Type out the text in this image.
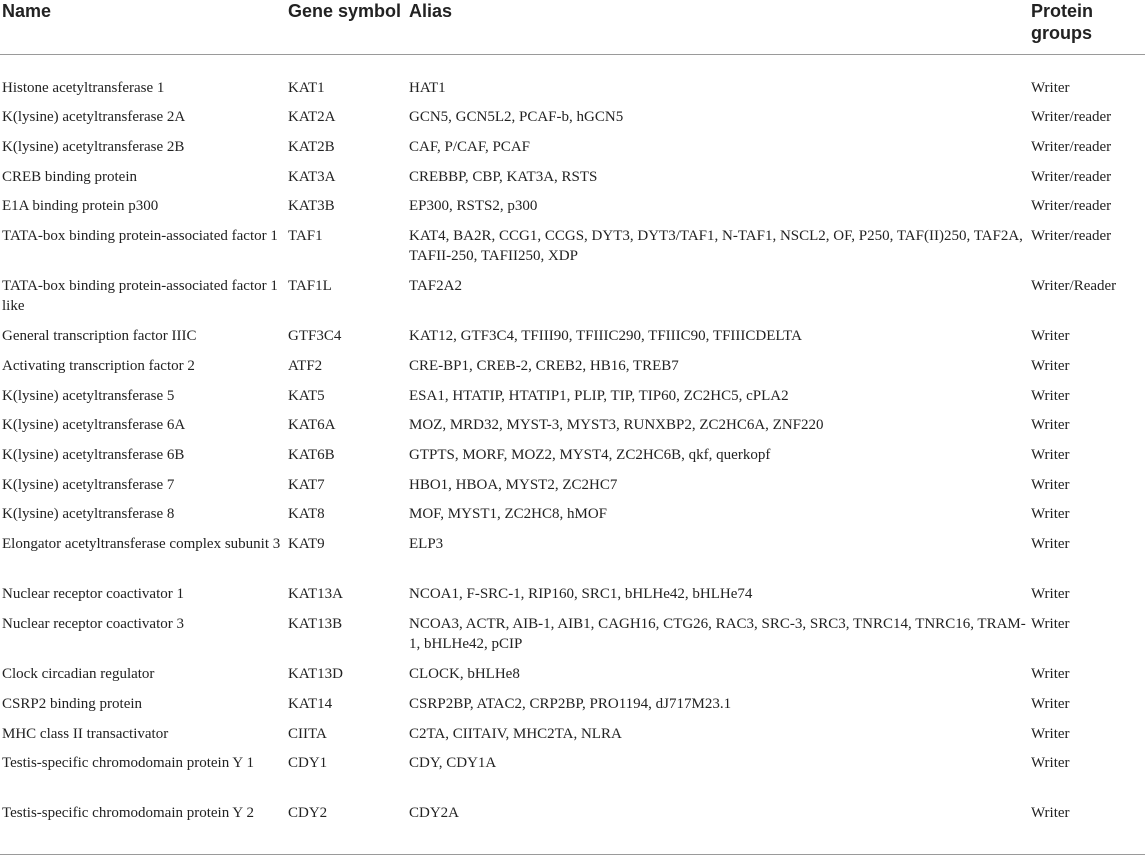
Name	Gene symbol	Alias	Protein groups

Histone acetyltransferase 1	KAT1	HAT1	Writer
K(lysine) acetyltransferase 2A	KAT2A	GCN5, GCN5L2, PCAF-b, hGCN5	Writer/reader
K(lysine) acetyltransferase 2B	KAT2B	CAF, P/CAF, PCAF	Writer/reader
CREB binding protein	KAT3A	CREBBP, CBP, KAT3A, RSTS	Writer/reader
E1A binding protein p300	KAT3B	EP300, RSTS2, p300	Writer/reader
TATA-box binding protein-associated factor 1	TAF1	KAT4, BA2R, CCG1, CCGS, DYT3, DYT3/TAF1, N-TAF1, NSCL2, OF, P250, TAF(II)250, TAF2A, TAFII-250, TAFII250, XDP	Writer/reader
TATA-box binding protein-associated factor 1 like	TAF1L	TAF2A2	Writer/Reader
General transcription factor IIIC	GTF3C4	KAT12, GTF3C4, TFIII90, TFIIIC290, TFIIIC90, TFIIICDELTA	Writer
Activating transcription factor 2	ATF2	CRE-BP1, CREB-2, CREB2, HB16, TREB7	Writer
K(lysine) acetyltransferase 5	KAT5	ESA1, HTATIP, HTATIP1, PLIP, TIP, TIP60, ZC2HC5, cPLA2	Writer
K(lysine) acetyltransferase 6A	KAT6A	MOZ, MRD32, MYST-3, MYST3, RUNXBP2, ZC2HC6A, ZNF220	Writer
K(lysine) acetyltransferase 6B	KAT6B	GTPTS, MORF, MOZ2, MYST4, ZC2HC6B, qkf, querkopf	Writer
K(lysine) acetyltransferase 7	KAT7	HBO1, HBOA, MYST2, ZC2HC7	Writer
K(lysine) acetyltransferase 8	KAT8	MOF, MYST1, ZC2HC8, hMOF	Writer
Elongator acetyltransferase complex subunit 3	KAT9	ELP3	Writer
Nuclear receptor coactivator 1	KAT13A	NCOA1, F-SRC-1, RIP160, SRC1, bHLHe42, bHLHe74	Writer
Nuclear receptor coactivator 3	KAT13B	NCOA3, ACTR, AIB-1, AIB1, CAGH16, CTG26, RAC3, SRC-3, SRC3, TNRC14, TNRC16, TRAM-1, bHLHe42, pCIP	Writer
Clock circadian regulator	KAT13D	CLOCK, bHLHe8	Writer
CSRP2 binding protein	KAT14	CSRP2BP, ATAC2, CRP2BP, PRO1194, dJ717M23.1	Writer
MHC class II transactivator	CIITA	C2TA, CIITAIV, MHC2TA, NLRA	Writer
Testis-specific chromodomain protein Y 1	CDY1	CDY, CDY1A	Writer
Testis-specific chromodomain protein Y 2	CDY2	CDY2A	Writer
